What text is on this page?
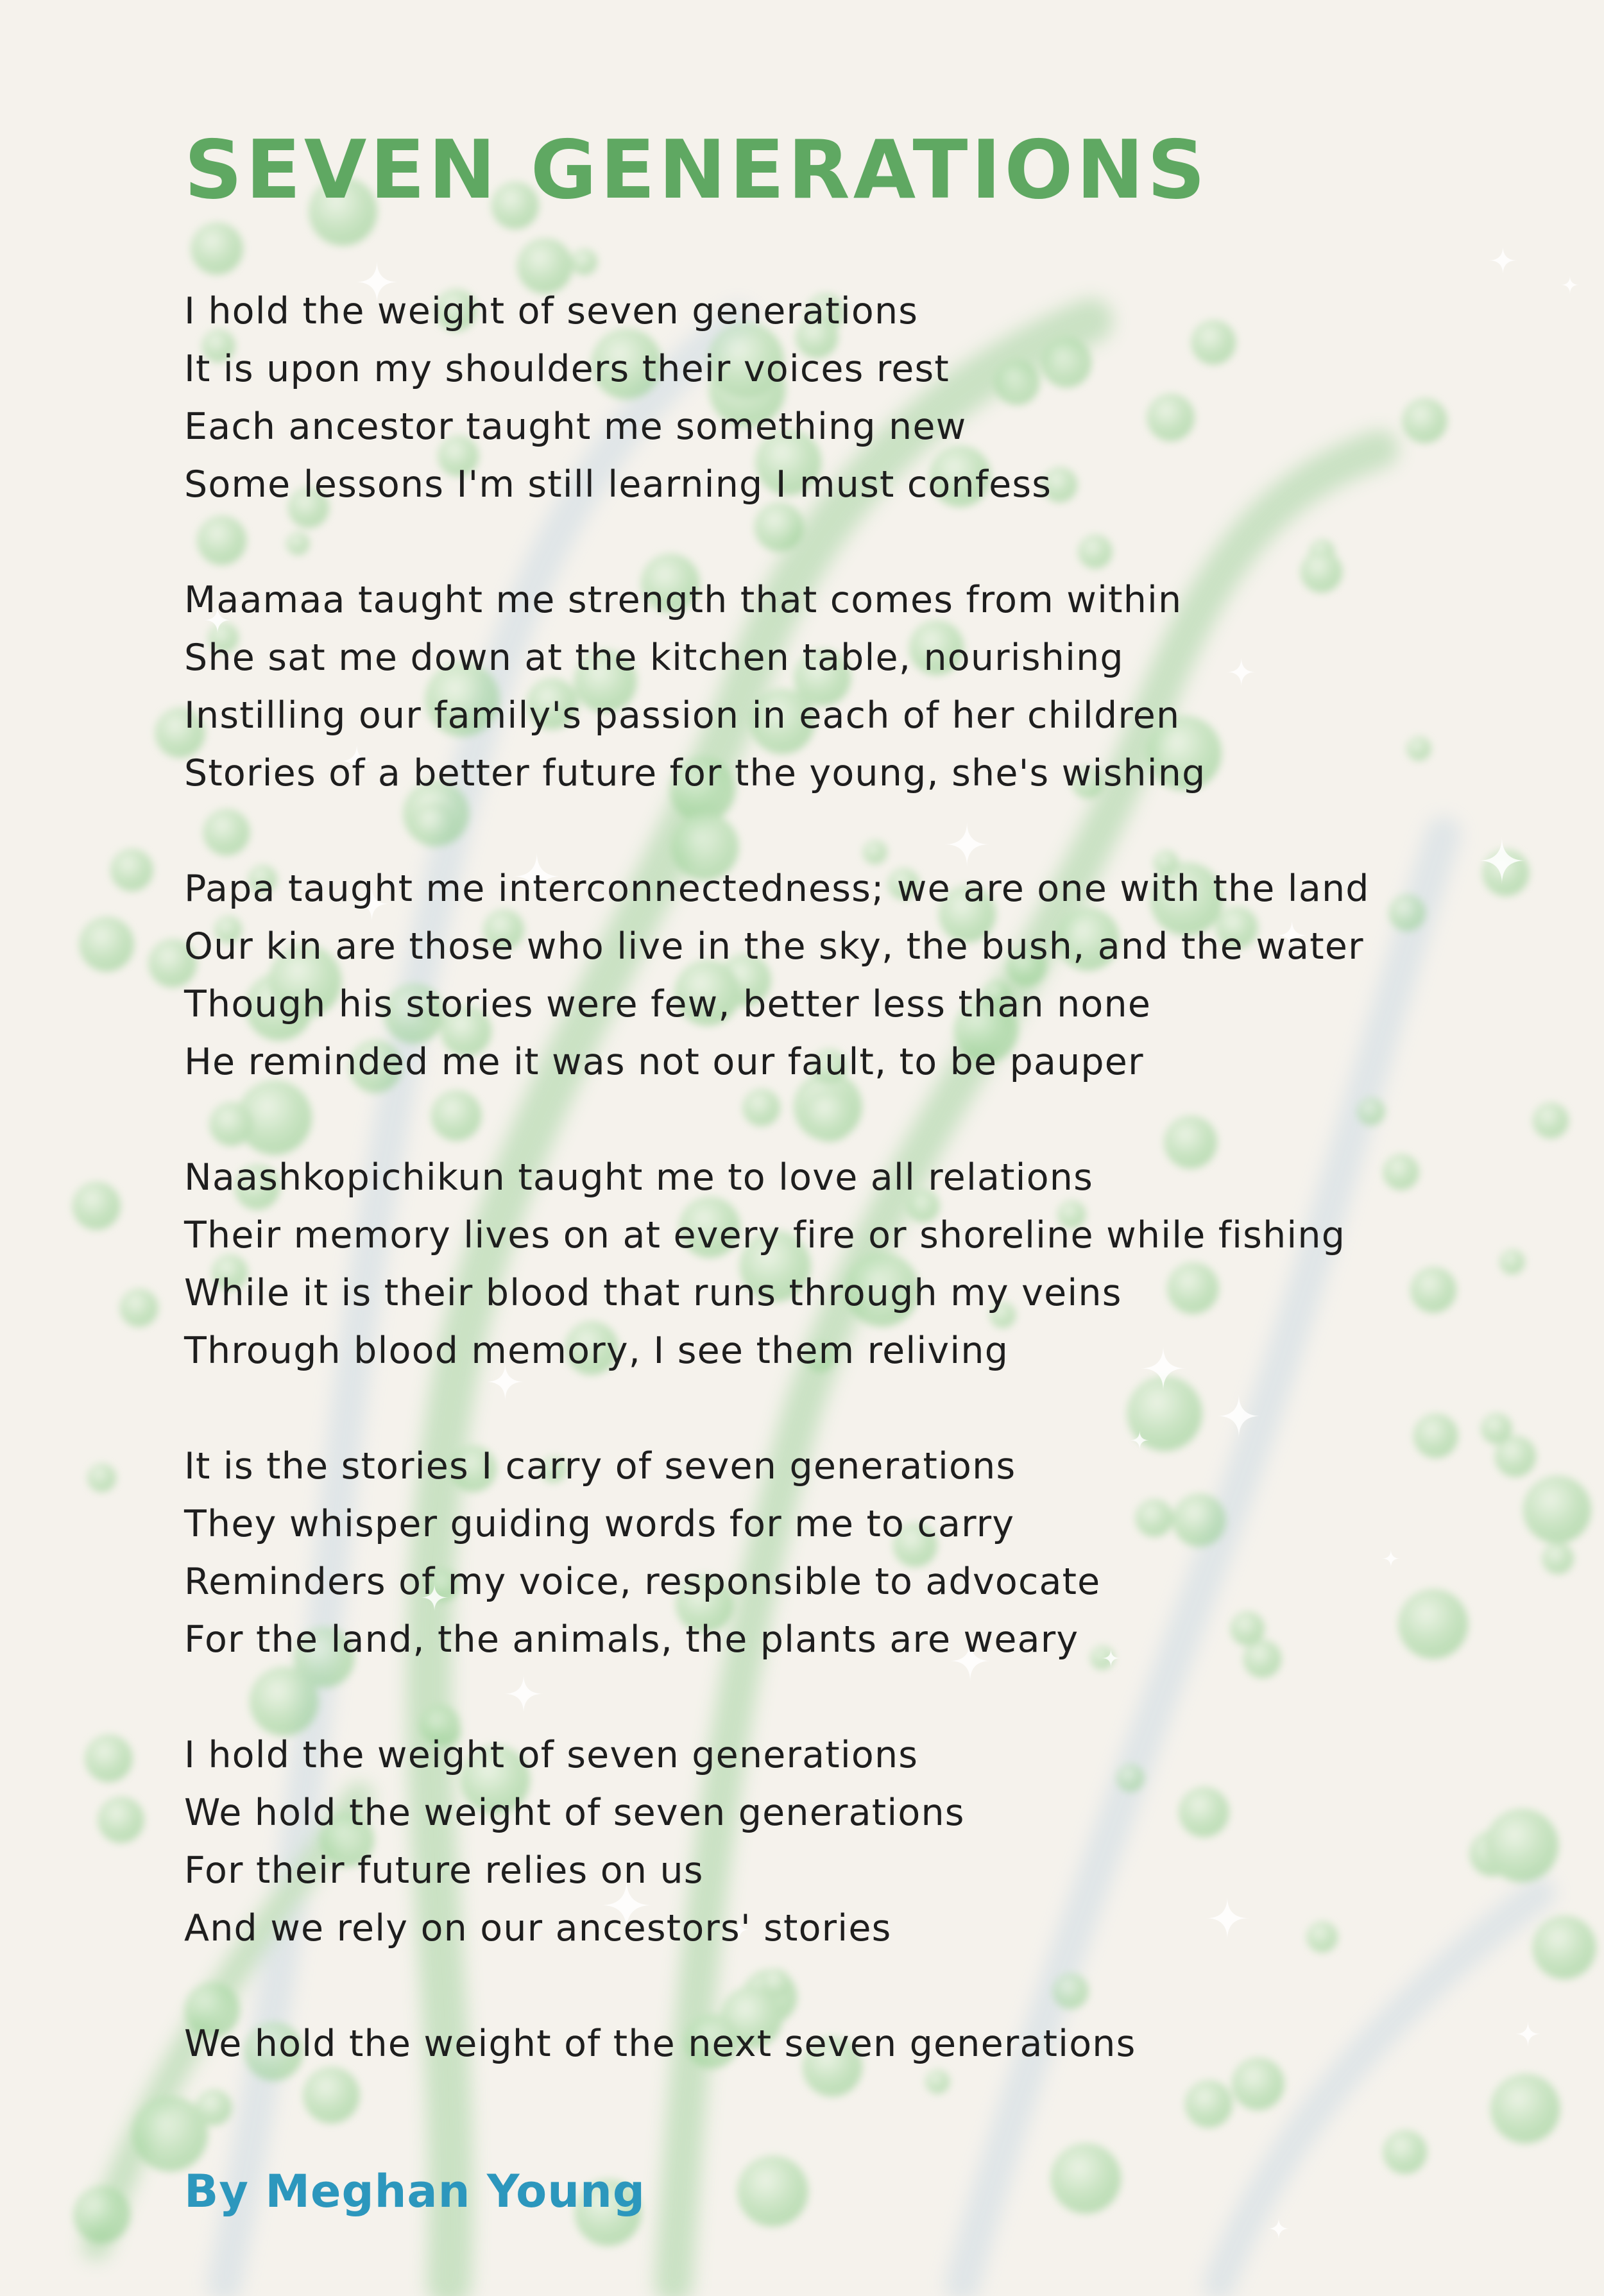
SEVEN GENERATIONS
I hold the weight of seven generations
It is upon my shoulders their voices rest
Each ancestor taught me something new
Some lessons I'm still learning I must confess
Maamaa taught me strength that comes from within
She sat me down at the kitchen table, nourishing
Instilling our family's passion in each of her children
Stories of a better future for the young, she's wishing
Papa taught me interconnectedness; we are one with the land
Our kin are those who live in the sky, the bush, and the water
Though his stories were few, better less than none
He reminded me it was not our fault, to be pauper
Naashkopichikun taught me to love all relations
Their memory lives on at every fire or shoreline while fishing
While it is their blood that runs through my veins
Through blood memory, I see them reliving
It is the stories I carry of seven generations
They whisper guiding words for me to carry
Reminders of my voice, responsible to advocate
For the land, the animals, the plants are weary
I hold the weight of seven generations
We hold the weight of seven generations
For their future relies on us
And we rely on our ancestors' stories
We hold the weight of the next seven generations
By Meghan Young
